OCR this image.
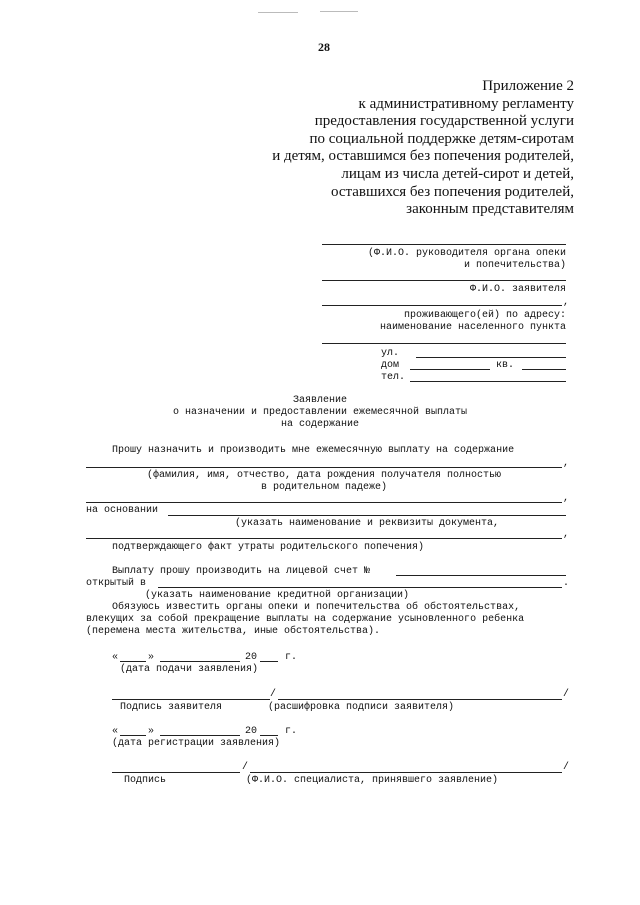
28
Приложение 2
к административному регламенту
предоставления государственной услуги
по социальной поддержке детям-сиротам
и детям, оставшимся без попечения родителей,
лицам из числа детей-сирот и детей,
оставшихся без попечения родителей,
законным представителям
(Ф.И.О. руководителя органа опеки
и попечительства)
Ф.И.О. заявителя
,
проживающего(ей) по адресу:
наименование населенного пункта
ул.
дом	кв.
тел.
Заявление
о назначении и предоставлении ежемесячной выплаты
на содержание
Прошу назначить и производить мне ежемесячную выплату на содержание
,
(фамилия, имя, отчество, дата рождения получателя полностью
в родительном падеже)
,
на основании
(указать наименование и реквизиты документа,
,
подтверждающего факт утраты родительского попечения)
Выплату прошу производить на лицевой счет №
открытый в	.
(указать наименование кредитной организации)
Обязуюсь известить органы опеки и попечительства об обстоятельствах,
влекущих за собой прекращение выплаты на содержание усыновленного ребенка
(перемена места жительства, иные обстоятельства).
«	»	20	г.
(дата подачи заявления)
/	/
Подпись заявителя	(расшифровка подписи заявителя)
«	»	20	г.
(дата регистрации заявления)
/	/
Подпись	(Ф.И.О. специалиста, принявшего заявление)
